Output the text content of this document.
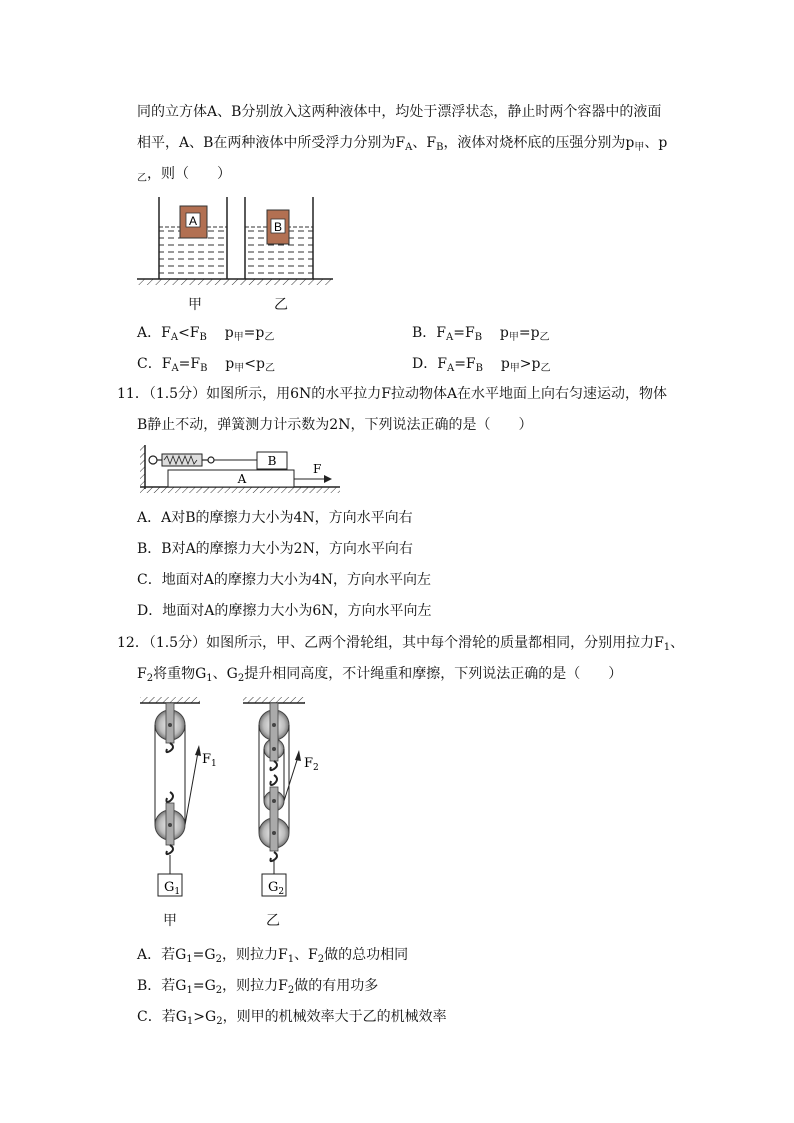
同的立方体A、B分别放入这两种液体中，均处于漂浮状态，静止时两个容器中的液面
相平，A、B在两种液体中所受浮力分别为$F_A$、$F_B$，液体对烧杯底的压强分别为$p_甲$、p
$_乙$，则（　　）
A	B
甲	乙
A．$F_A<F_B$ $p_甲=p_乙$	B．$F_A=F_B$ $p_甲=p_乙$
C．$F_A=F_B$ $p_甲<p_乙$	D．$F_A=F_B$ $p_甲>p_乙$
11．（1.5分）如图所示，用6N的水平拉力F拉动物体A在水平地面上向右匀速运动，物体
B静止不动，弹簧测力计示数为2N，下列说法正确的是（　　）
B
A
F
A．A对B的摩擦力大小为4N，方向水平向右
B．B对A的摩擦力大小为2N，方向水平向右
C．地面对A的摩擦力大小为4N，方向水平向左
D．地面对A的摩擦力大小为6N，方向水平向左
12．（1.5分）如图所示，甲、乙两个滑轮组，其中每个滑轮的质量都相同，分别用拉力$F_1$、
$F_2$将重物$G_1$、$G_2$提升相同高度，不计绳重和摩擦，下列说法正确的是（　　）
$G_1$
$F_1$
$G_2$
$F_2$
甲	乙
A．若$G_1=G_2$，则拉力$F_1$、$F_2$做的总功相同
B．若$G_1=G_2$，则拉力$F_2$做的有用功多
C．若$G_1>G_2$，则甲的机械效率大于乙的机械效率
